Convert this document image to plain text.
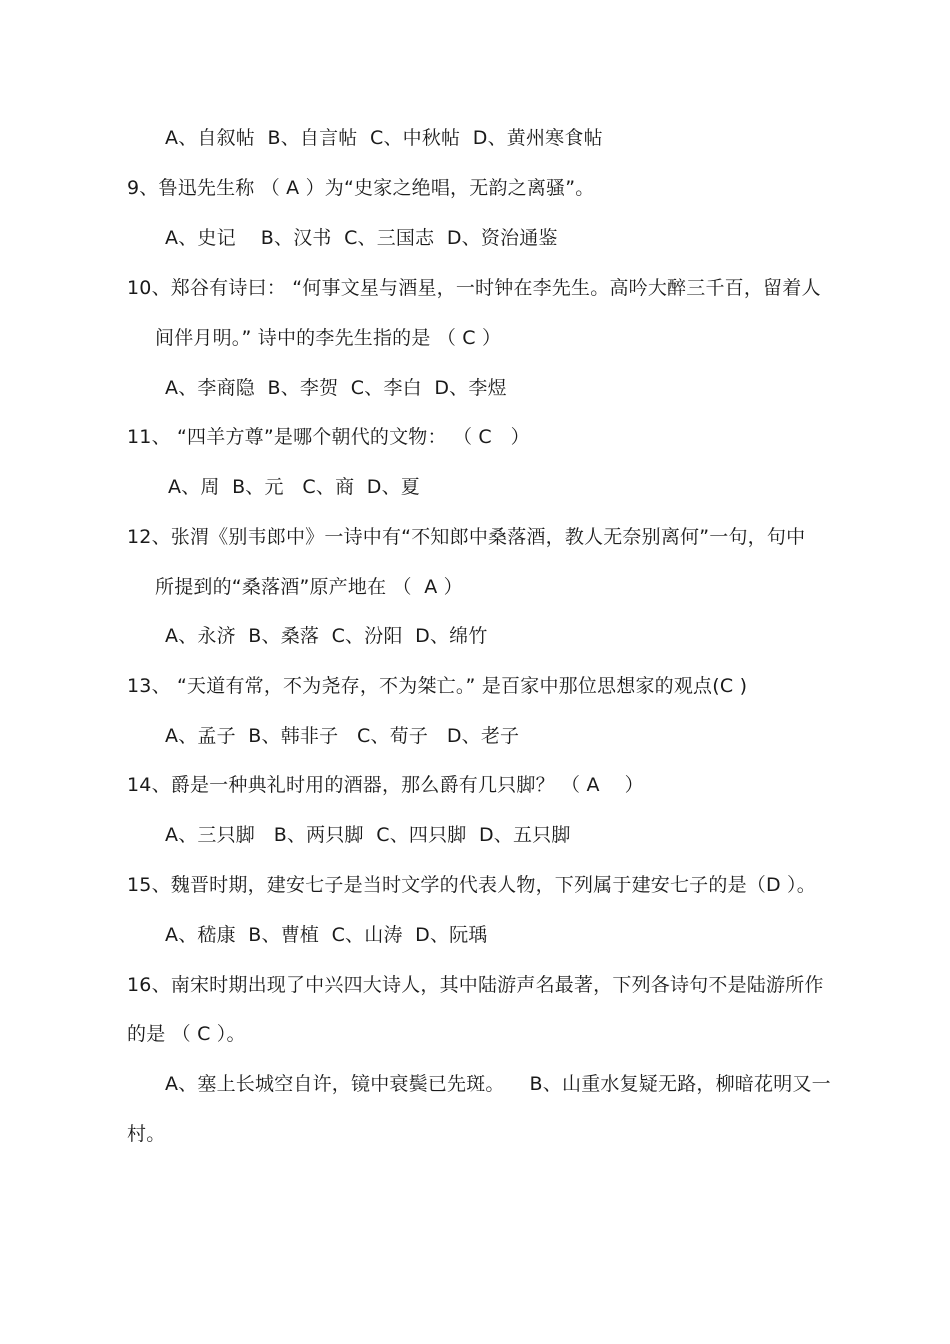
A、自叙帖  B、自言帖  C、中秋帖  D、黄州寒食帖
9、鲁迅先生称 （ A ）为“史家之绝唱，无韵之离骚”。
A、史记    B、汉书  C、三国志  D、资治通鉴
10、郑谷有诗曰： “何事文星与酒星，一时钟在李先生。高吟大醉三千百，留着人
间伴月明。” 诗中的李先生指的是 （ C ）
A、李商隐  B、李贺  C、李白  D、李煜
11、 “四羊方尊”是哪个朝代的文物： （ C   ）
A、周  B、元   C、商  D、夏
12、张渭《别韦郎中》一诗中有“不知郎中桑落酒，教人无奈别离何”一句，句中
所提到的“桑落酒”原产地在 （  A ）
A、永济  B、桑落  C、汾阳  D、绵竹
13、 “天道有常，不为尧存，不为桀亡。” 是百家中那位思想家的观点(C )
A、孟子  B、韩非子   C、荀子   D、老子
14、爵是一种典礼时用的酒器，那么爵有几只脚？ （ A    ）
A、三只脚   B、两只脚  C、四只脚  D、五只脚
15、魏晋时期，建安七子是当时文学的代表人物，下列属于建安七子的是（D ）。
A、嵇康  B、曹植  C、山涛  D、阮瑀
16、南宋时期出现了中兴四大诗人，其中陆游声名最著，下列各诗句不是陆游所作
的是 （ C ）。
A、塞上长城空自许，镜中衰鬓已先斑。    B、山重水复疑无路，柳暗花明又一
村。
